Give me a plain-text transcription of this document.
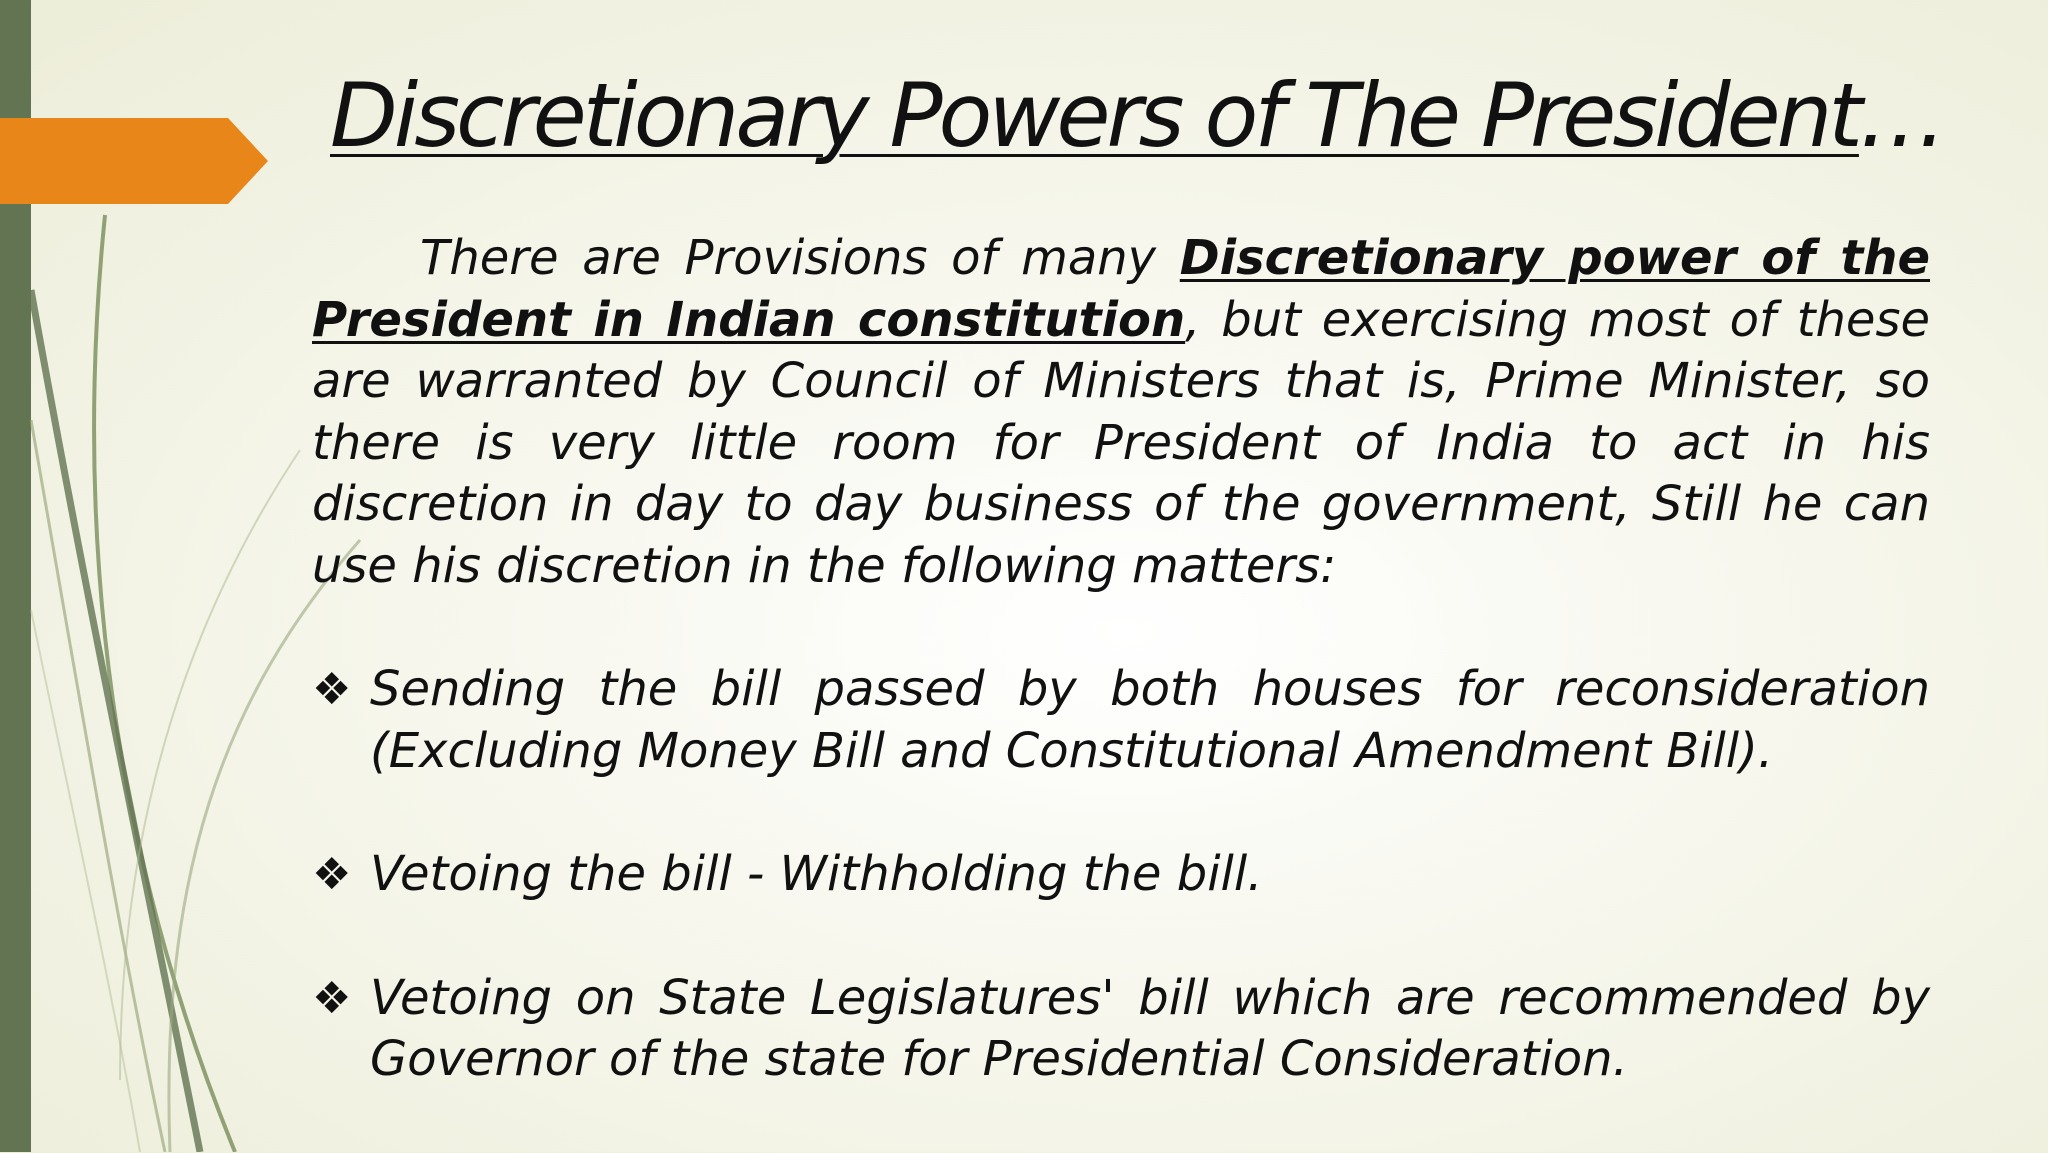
Discretionary Powers of The President…

There are Provisions of many Discretionary power of the President in Indian constitution, but exercising most of these are warranted by Council of Ministers that is, Prime Minister, so there is very little room for President of India to act in his discretion in day to day business of the government, Still he can use his discretion in the following matters:

❖ Sending the bill passed by both houses for reconsideration (Excluding Money Bill and Constitutional Amendment Bill).
❖ Vetoing the bill - Withholding the bill.
❖ Vetoing on State Legislatures' bill which are recommended by Governor of the state for Presidential Consideration.
